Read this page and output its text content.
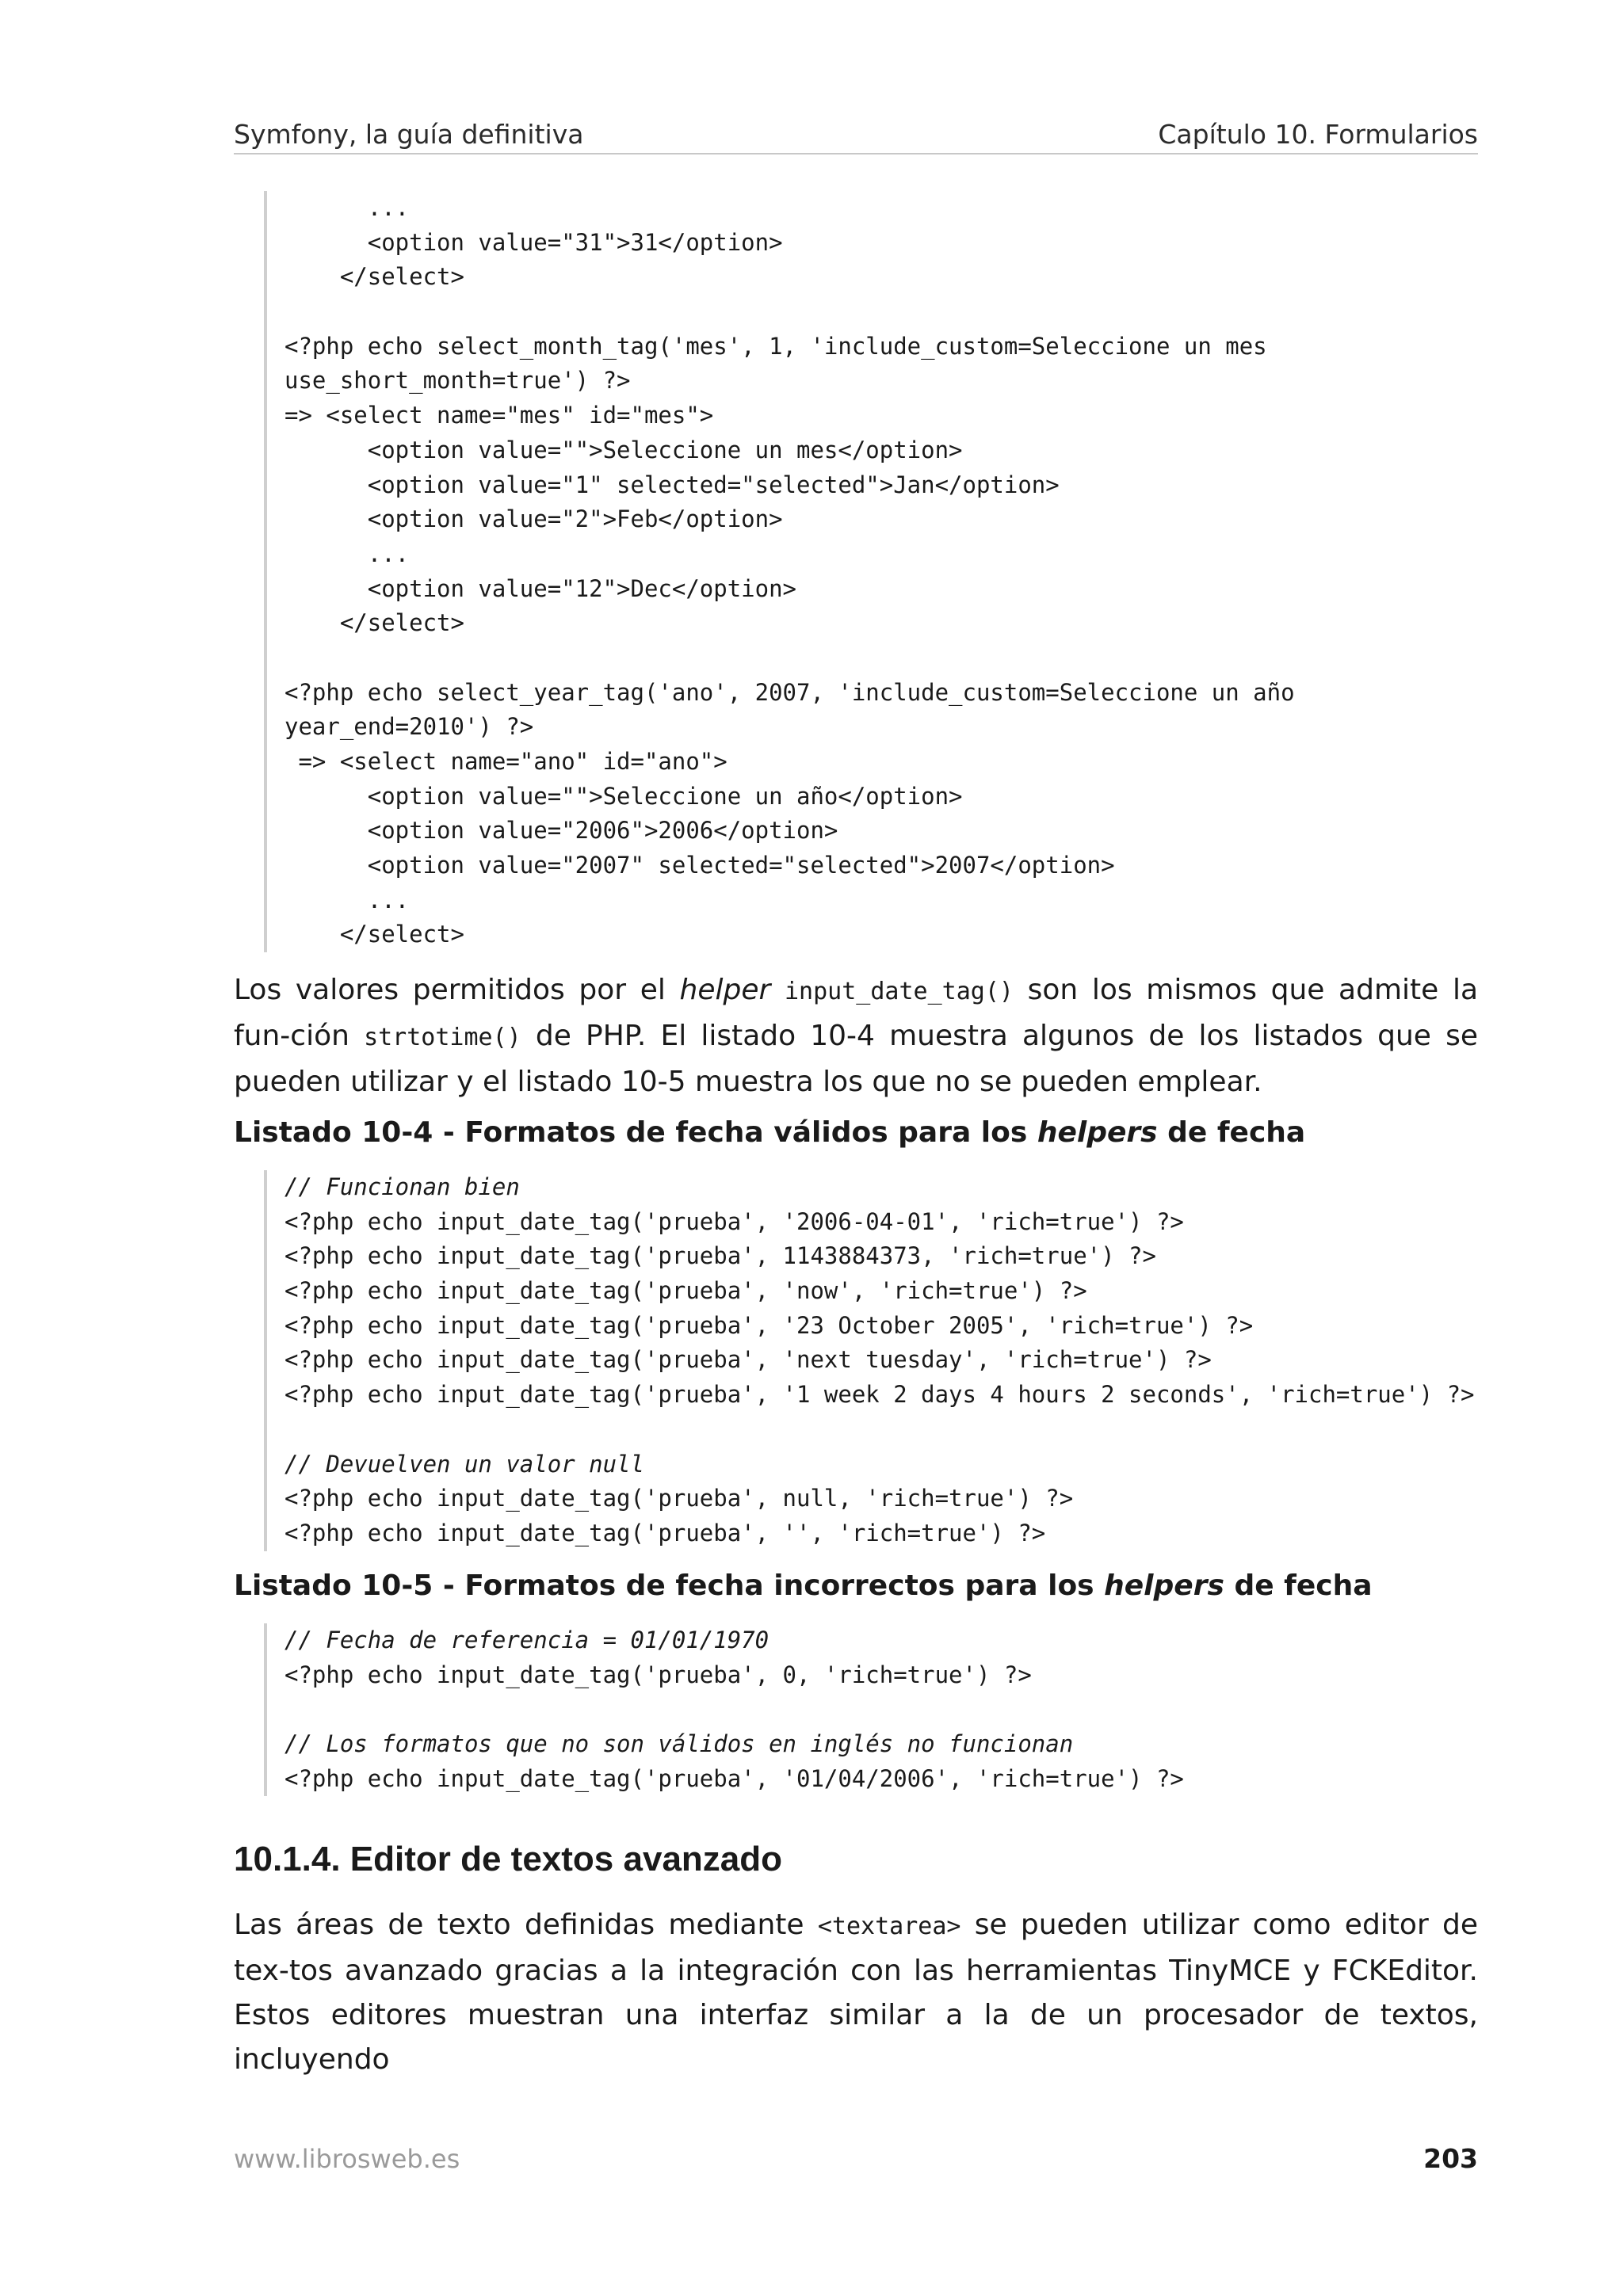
Symfony, la guía definitiva	Capítulo 10. Formularios
...
<option value="31">31</option>
</select>

<?php echo select_month_tag('mes', 1, 'include_custom=Seleccione un mes
use_short_month=true') ?>
=> <select name="mes" id="mes">
<option value="">Seleccione un mes</option>
<option value="1" selected="selected">Jan</option>
<option value="2">Feb</option>
...
<option value="12">Dec</option>
</select>

<?php echo select_year_tag('ano', 2007, 'include_custom=Seleccione un año
year_end=2010') ?>
=> <select name="ano" id="ano">
<option value="">Seleccione un año</option>
<option value="2006">2006</option>
<option value="2007" selected="selected">2007</option>
...
</select>
Los valores permitidos por el helper input_date_tag() son los mismos que admite la fun-ción strtotime() de PHP. El listado 10-4 muestra algunos de los listados que se pueden utilizar y el listado 10-5 muestra los que no se pueden emplear.
Listado 10-4 - Formatos de fecha válidos para los helpers de fecha
// Funcionan bien
<?php echo input_date_tag('prueba', '2006-04-01', 'rich=true') ?>
<?php echo input_date_tag('prueba', 1143884373, 'rich=true') ?>
<?php echo input_date_tag('prueba', 'now', 'rich=true') ?>
<?php echo input_date_tag('prueba', '23 October 2005', 'rich=true') ?>
<?php echo input_date_tag('prueba', 'next tuesday', 'rich=true') ?>
<?php echo input_date_tag('prueba', '1 week 2 days 4 hours 2 seconds', 'rich=true') ?>

// Devuelven un valor null
<?php echo input_date_tag('prueba', null, 'rich=true') ?>
<?php echo input_date_tag('prueba', '', 'rich=true') ?>
Listado 10-5 - Formatos de fecha incorrectos para los helpers de fecha
// Fecha de referencia = 01/01/1970
<?php echo input_date_tag('prueba', 0, 'rich=true') ?>

// Los formatos que no son válidos en inglés no funcionan
<?php echo input_date_tag('prueba', '01/04/2006', 'rich=true') ?>
10.1.4. Editor de textos avanzado
Las áreas de texto definidas mediante <textarea> se pueden utilizar como editor de tex-tos avanzado gracias a la integración con las herramientas TinyMCE y FCKEditor. Estos editores muestran una interfaz similar a la de un procesador de textos, incluyendo
www.librosweb.es	203
